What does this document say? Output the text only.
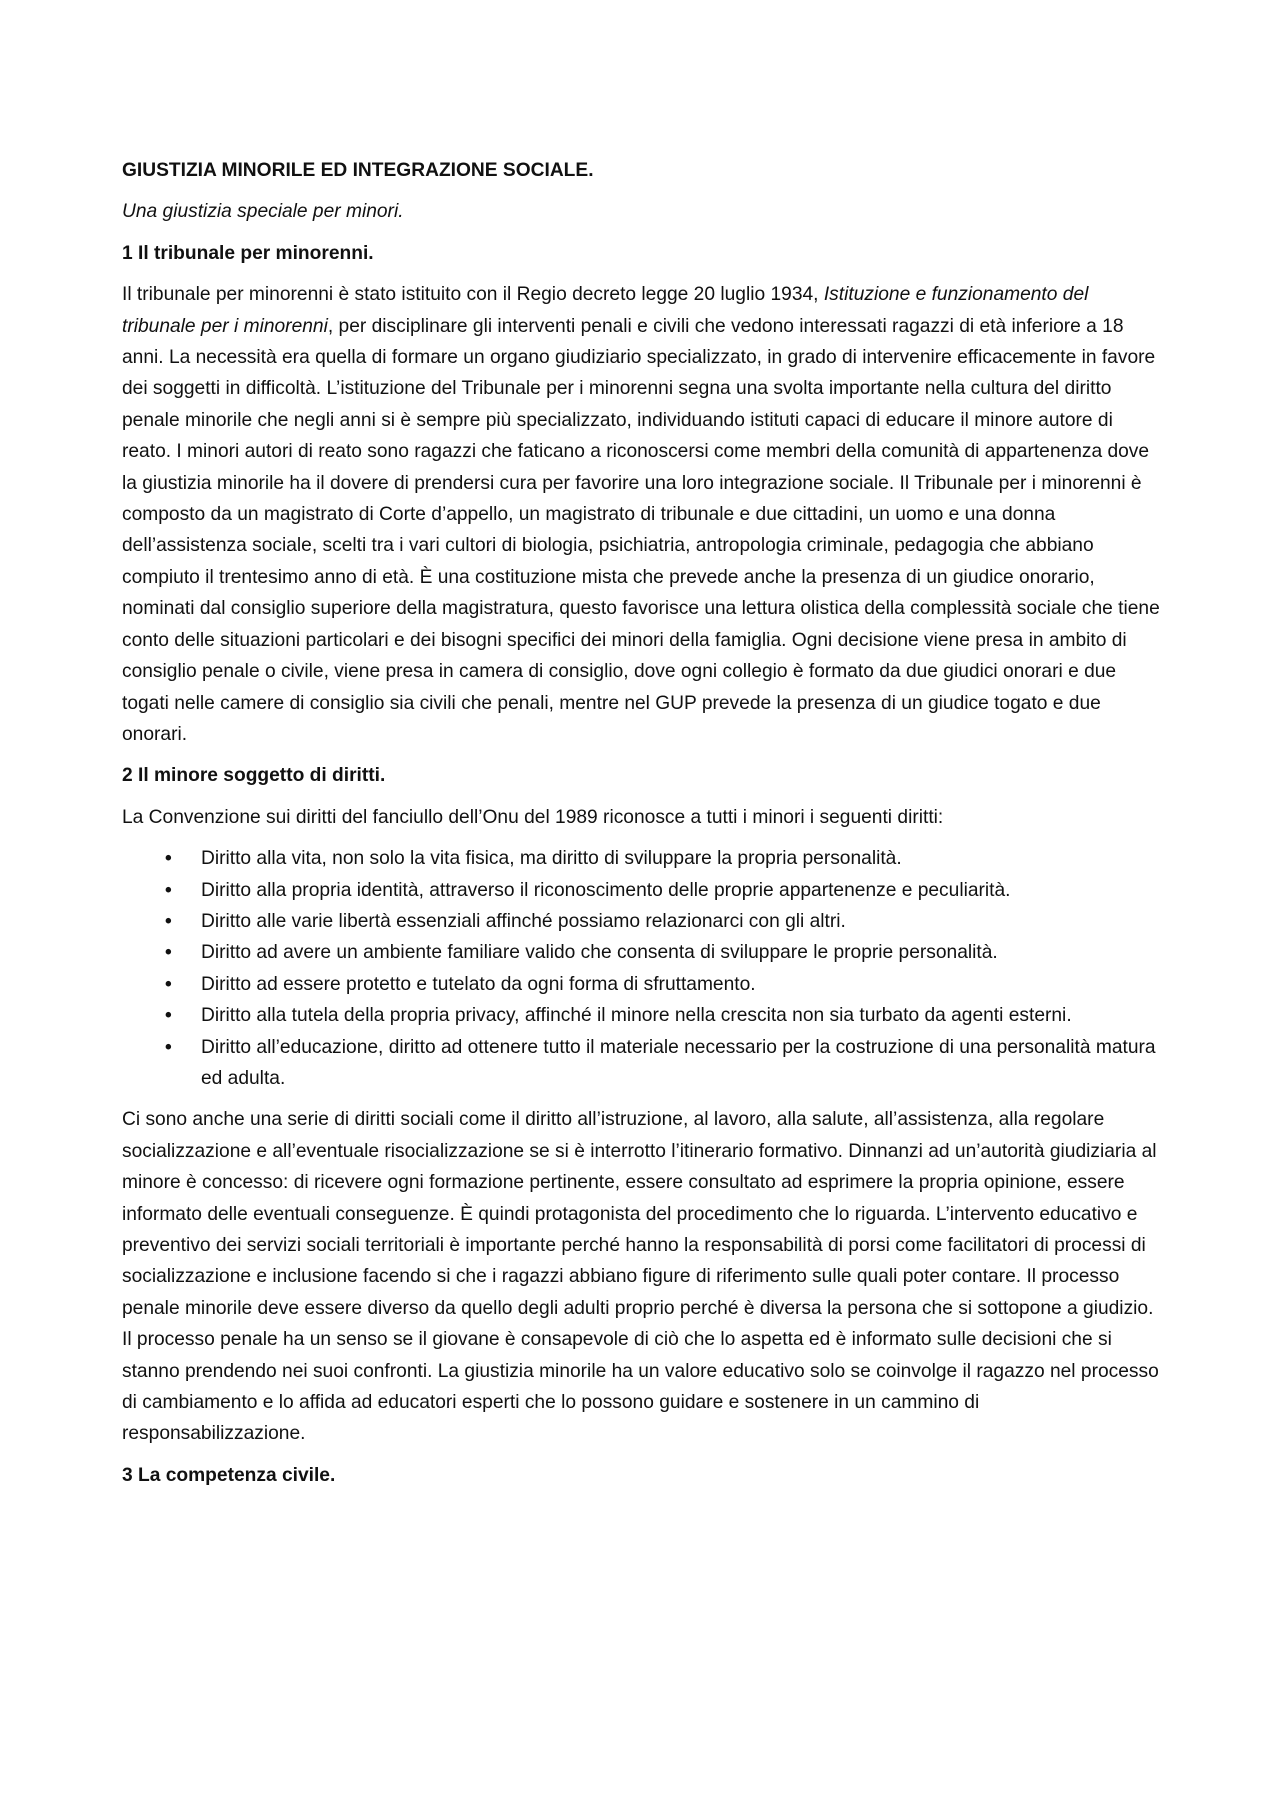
GIUSTIZIA MINORILE ED INTEGRAZIONE SOCIALE.

Una giustizia speciale per minori.

1 Il tribunale per minorenni.

Il tribunale per minorenni è stato istituito con il Regio decreto legge 20 luglio 1934, Istituzione e funzionamento del tribunale per i minorenni, per disciplinare gli interventi penali e civili che vedono interessati ragazzi di età inferiore a 18 anni. La necessità era quella di formare un organo giudiziario specializzato, in grado di intervenire efficacemente in favore dei soggetti in difficoltà. L’istituzione del Tribunale per i minorenni segna una svolta importante nella cultura del diritto penale minorile che negli anni si è sempre più specializzato, individuando istituti capaci di educare il minore autore di reato. I minori autori di reato sono ragazzi che faticano a riconoscersi come membri della comunità di appartenenza dove la giustizia minorile ha il dovere di prendersi cura per favorire una loro integrazione sociale. Il Tribunale per i minorenni è composto da un magistrato di Corte d’appello, un magistrato di tribunale e due cittadini, un uomo e una donna dell’assistenza sociale, scelti tra i vari cultori di biologia, psichiatria, antropologia criminale, pedagogia che abbiano compiuto il trentesimo anno di età. È una costituzione mista che prevede anche la presenza di un giudice onorario, nominati dal consiglio superiore della magistratura, questo favorisce una lettura olistica della complessità sociale che tiene conto delle situazioni particolari e dei bisogni specifici dei minori della famiglia. Ogni decisione viene presa in ambito di consiglio penale o civile, viene presa in camera di consiglio, dove ogni collegio è formato da due giudici onorari e due togati nelle camere di consiglio sia civili che penali, mentre nel GUP prevede la presenza di un giudice togato e due onorari.

2 Il minore soggetto di diritti.

La Convenzione sui diritti del fanciullo dell’Onu del 1989 riconosce a tutti i minori i seguenti diritti:

•	Diritto alla vita, non solo la vita fisica, ma diritto di sviluppare la propria personalità.
•	Diritto alla propria identità, attraverso il riconoscimento delle proprie appartenenze e peculiarità.
•	Diritto alle varie libertà essenziali affinché possiamo relazionarci con gli altri.
•	Diritto ad avere un ambiente familiare valido che consenta di sviluppare le proprie personalità.
•	Diritto ad essere protetto e tutelato da ogni forma di sfruttamento.
•	Diritto alla tutela della propria privacy, affinché il minore nella crescita non sia turbato da agenti esterni.
•	Diritto all’educazione, diritto ad ottenere tutto il materiale necessario per la costruzione di una personalità matura ed adulta.

Ci sono anche una serie di diritti sociali come il diritto all’istruzione, al lavoro, alla salute, all’assistenza, alla regolare socializzazione e all’eventuale risocializzazione se si è interrotto l’itinerario formativo. Dinnanzi ad un’autorità giudiziaria al minore è concesso: di ricevere ogni formazione pertinente, essere consultato ad esprimere la propria opinione, essere informato delle eventuali conseguenze. È quindi protagonista del procedimento che lo riguarda. L’intervento educativo e preventivo dei servizi sociali territoriali è importante perché hanno la responsabilità di porsi come facilitatori di processi di socializzazione e inclusione facendo si che i ragazzi abbiano figure di riferimento sulle quali poter contare. Il processo penale minorile deve essere diverso da quello degli adulti proprio perché è diversa la persona che si sottopone a giudizio. Il processo penale ha un senso se il giovane è consapevole di ciò che lo aspetta ed è informato sulle decisioni che si stanno prendendo nei suoi confronti. La giustizia minorile ha un valore educativo solo se coinvolge il ragazzo nel processo di cambiamento e lo affida ad educatori esperti che lo possono guidare e sostenere in un cammino di responsabilizzazione.

3 La competenza civile.
